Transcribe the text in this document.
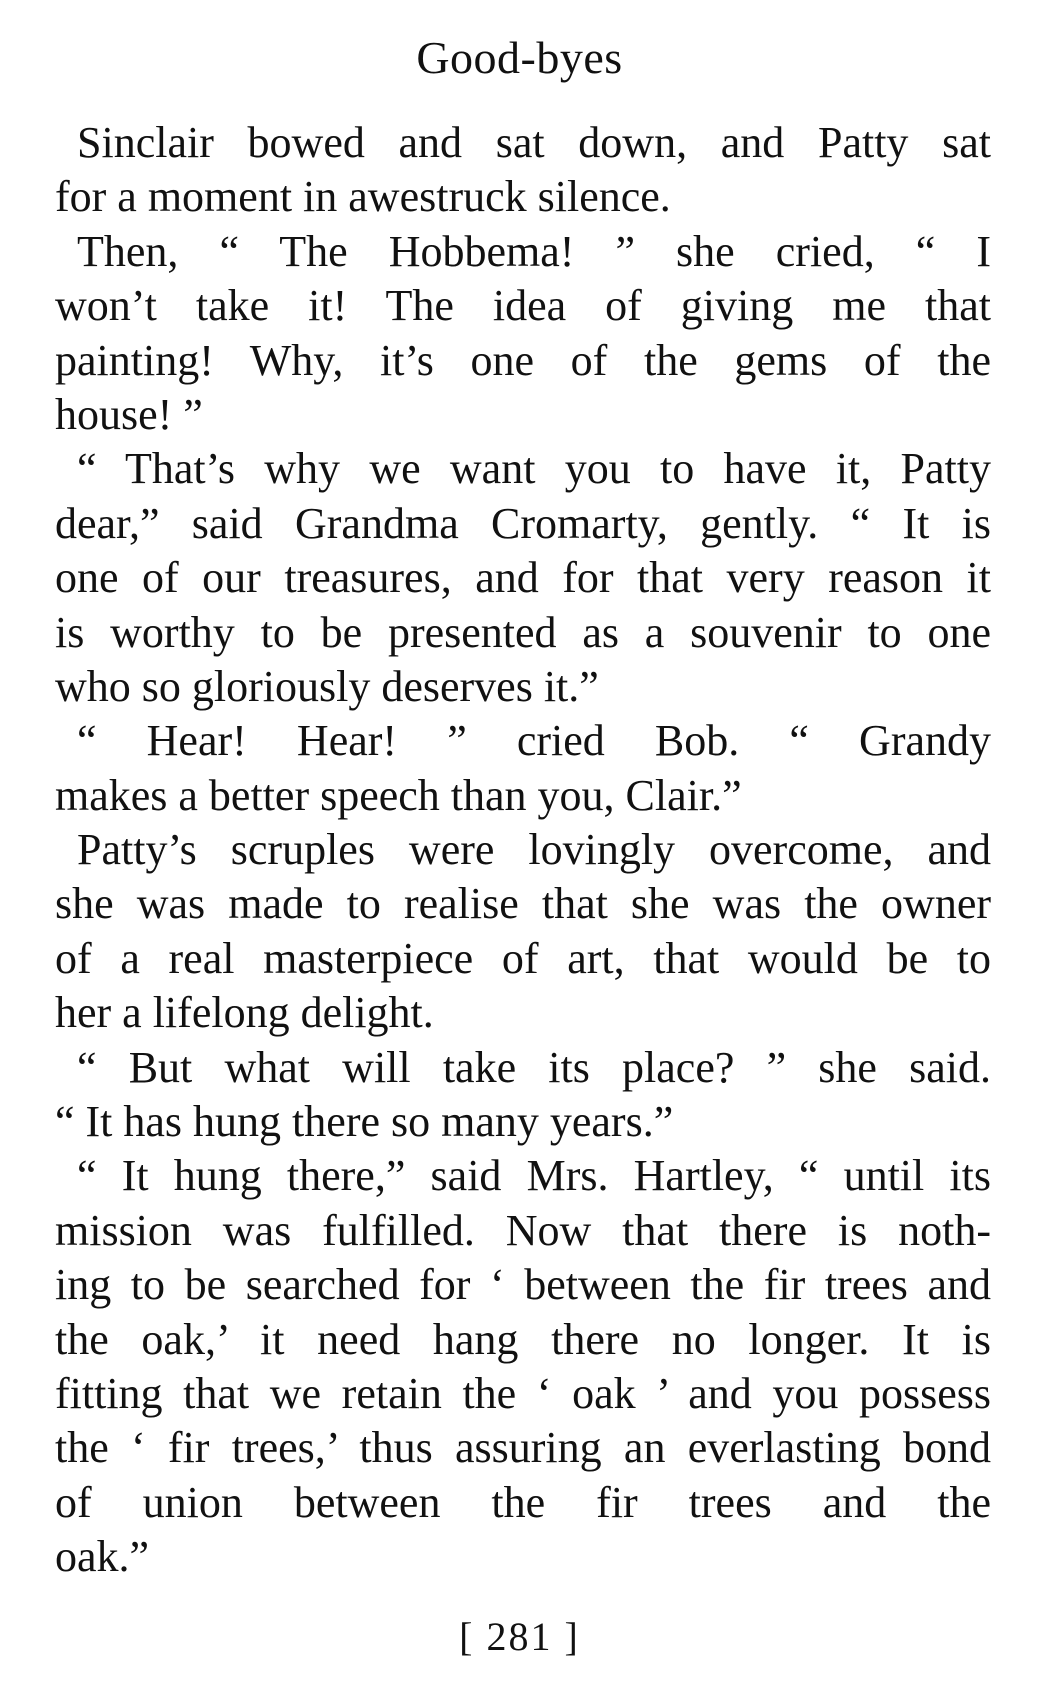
Good-byes
Sinclair bowed and sat down, and Patty sat
for a moment in awestruck silence.
Then, “ The Hobbema! ” she cried, “ I
won’t take it! The idea of giving me that
painting! Why, it’s one of the gems of the
house! ”
“ That’s why we want you to have it, Patty
dear,” said Grandma Cromarty, gently. “ It is
one of our treasures, and for that very reason it
is worthy to be presented as a souvenir to one
who so gloriously deserves it.”
“ Hear! Hear! ” cried Bob. “ Grandy
makes a better speech than you, Clair.”
Patty’s scruples were lovingly overcome, and
she was made to realise that she was the owner
of a real masterpiece of art, that would be to
her a lifelong delight.
“ But what will take its place? ” she said.
“ It has hung there so many years.”
“ It hung there,” said Mrs. Hartley, “ until its
mission was fulfilled. Now that there is noth-
ing to be searched for ‘ between the fir trees and
the oak,’ it need hang there no longer. It is
fitting that we retain the ‘ oak ’ and you possess
the ‘ fir trees,’ thus assuring an everlasting bond
of union between the fir trees and the
oak.”
[ 281 ]
